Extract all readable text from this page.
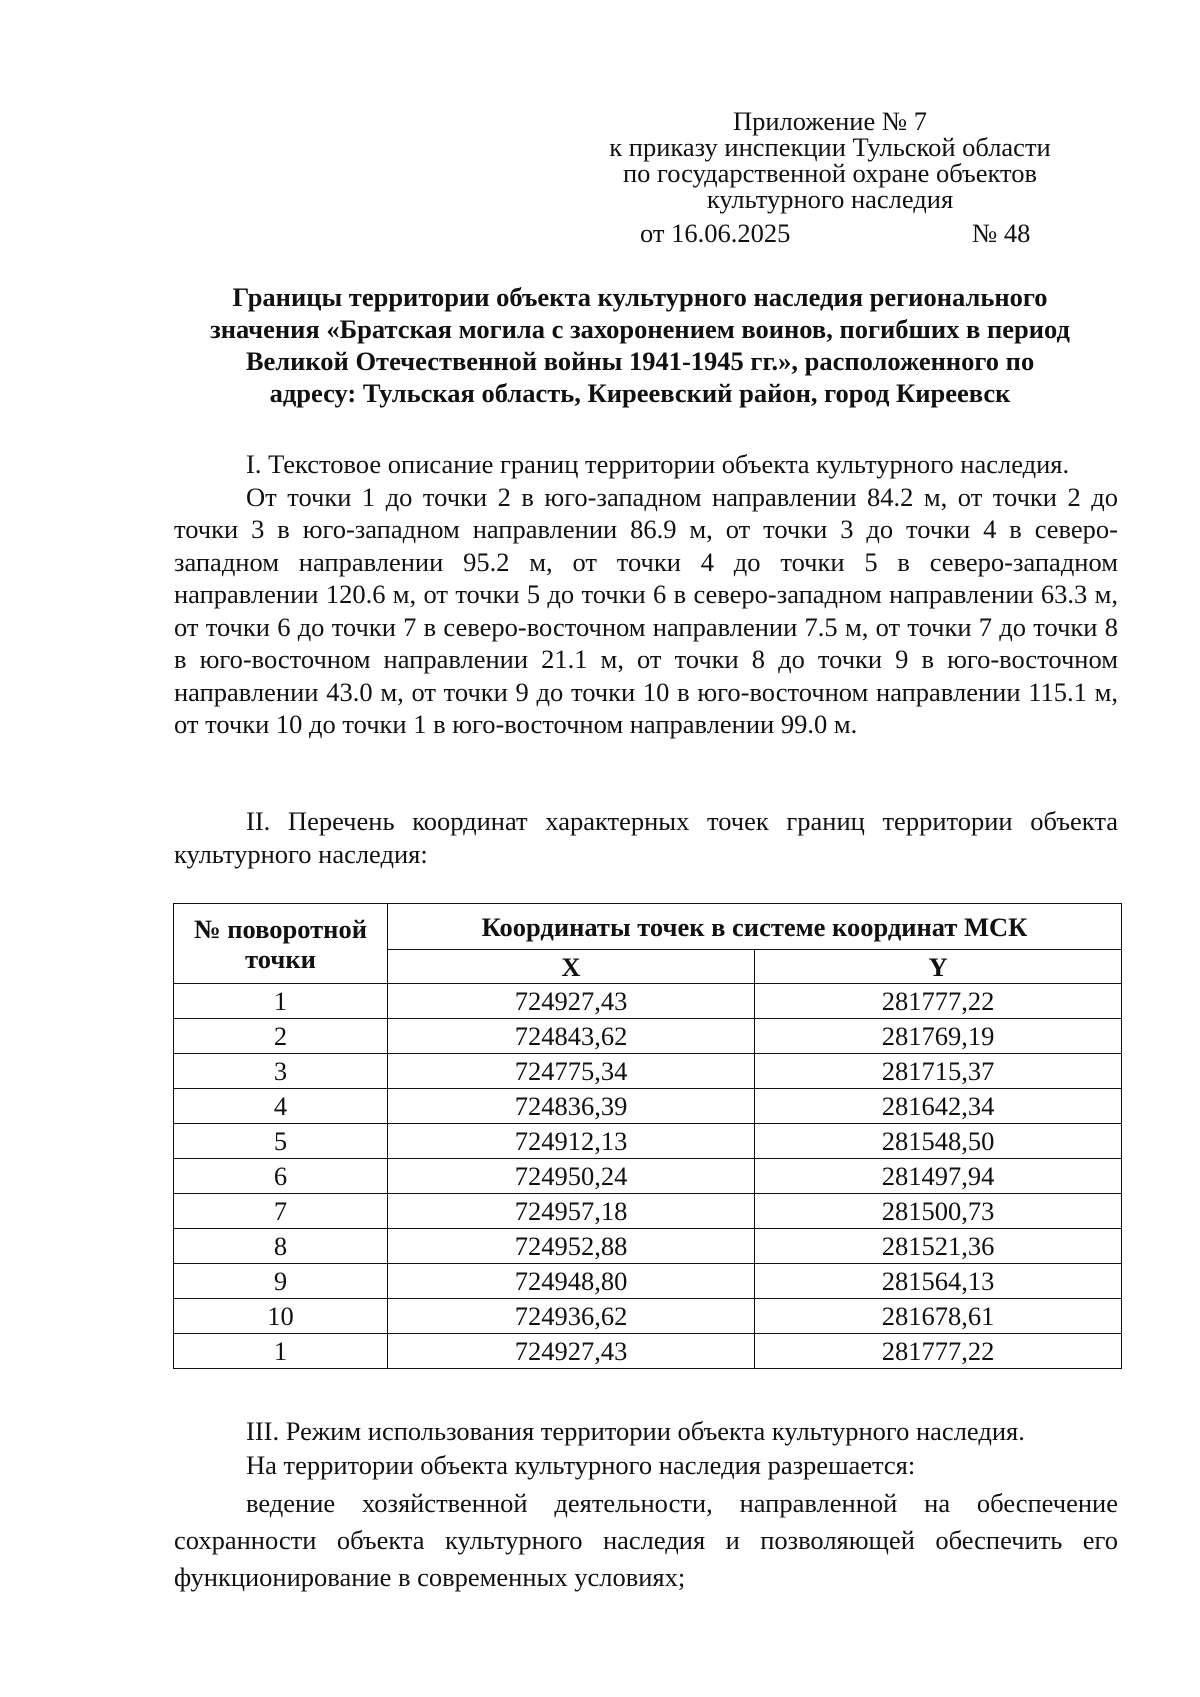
Приложение № 7
к приказу инспекции Тульской области
по государственной охране объектов
культурного наследия
от 16.06.2025	№ 48
Границы территории объекта культурного наследия регионального
значения «Братская могила с захоронением воинов, погибших в период
Великой Отечественной войны 1941-1945 гг.», расположенного по
адресу: Тульская область, Киреевский район, город Киреевск

I. Текстовое описание границ территории объекта культурного наследия.

От точки 1 до точки 2 в юго-западном направлении 84.2 м, от точки 2 до точки 3 в юго-западном направлении 86.9 м, от точки 3 до точки 4 в северо-западном направлении 95.2 м, от точки 4 до точки 5 в северо-западном направлении 120.6 м, от точки 5 до точки 6 в северо-западном направлении 63.3 м, от точки 6 до точки 7 в северо-восточном направлении 7.5 м, от точки 7 до точки 8 в юго-восточном направлении 21.1 м, от точки 8 до точки 9 в юго-восточном направлении 43.0 м, от точки 9 до точки 10 в юго-восточном направлении 115.1 м, от точки 10 до точки 1 в юго-восточном направлении 99.0 м.

II. Перечень координат характерных точек границ территории объекта культурного наследия:

№ поворотной точки	Координаты точек в системе координат МСК	
	X	Y
1	724927,43	281777,22
2	724843,62	281769,19
3	724775,34	281715,37
4	724836,39	281642,34
5	724912,13	281548,50
6	724950,24	281497,94
7	724957,18	281500,73
8	724952,88	281521,36
9	724948,80	281564,13
10	724936,62	281678,61
1	724927,43	281777,22

III. Режим использования территории объекта культурного наследия.

На территории объекта культурного наследия разрешается:

ведение хозяйственной деятельности, направленной на обеспечение сохранности объекта культурного наследия и позволяющей обеспечить его функционирование в современных условиях;
